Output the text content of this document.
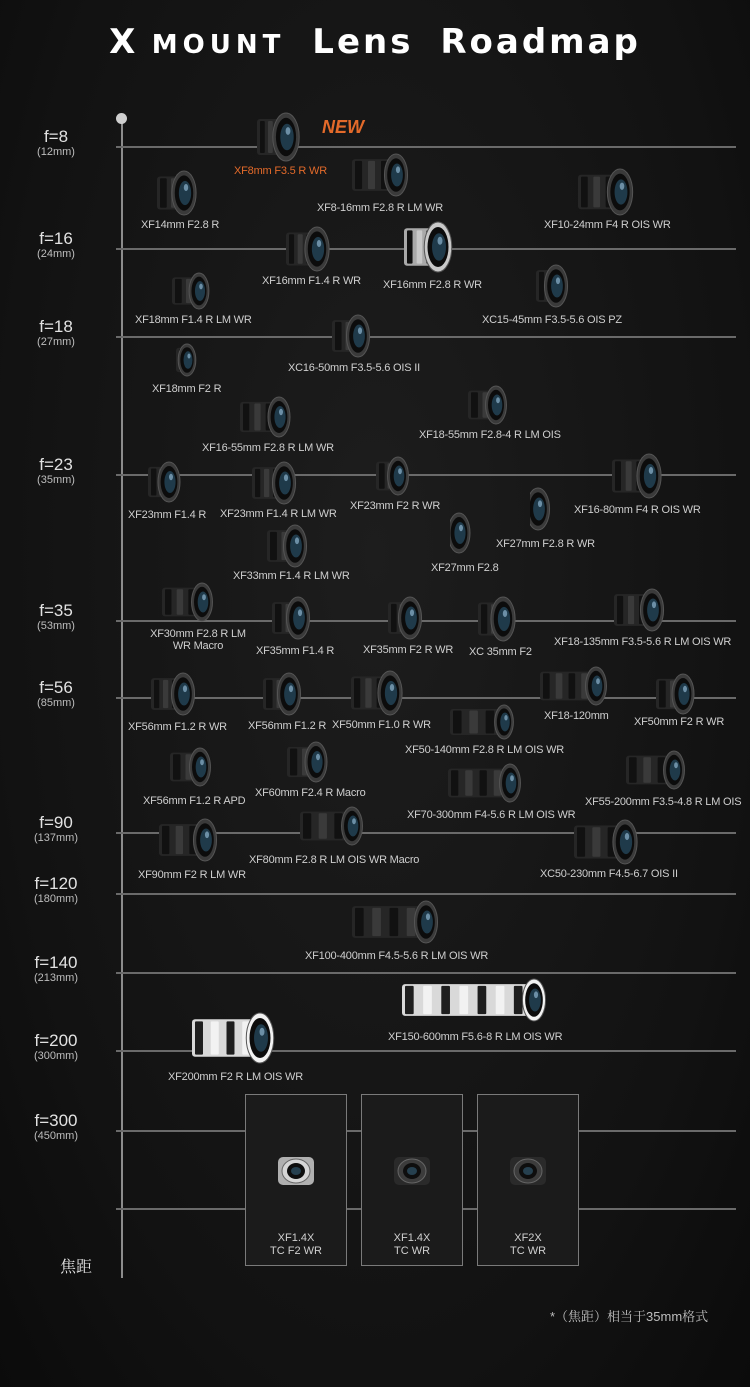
X MOUNT Lens Roadmap
f=8
(12mm)
f=16
(24mm)
f=18
(27mm)
f=23
(35mm)
f=35
(53mm)
f=56
(85mm)
f=90
(137mm)
f=120
(180mm)
f=140
(213mm)
f=200
(300mm)
f=300
(450mm)
XF8mm F3.5 R WR
XF8-16mm F2.8 R LM WR
XF14mm F2.8 R	XF10-24mm F4 R OIS WR
XF16mm F1.4 R WR XF16mm F2.8 R WR
XF18mm F1.4 R LM WR	XC15-45mm F3.5-5.6 OIS PZ
XC16-50mm F3.5-5.6 OIS II
XF18mm F2 R
XF16-55mm F2.8 R LM WR
XF18-55mm F2.8-4 R LM OIS
XF23mm F1.4 R XF23mm F1.4 R LM WR
XF23mm F2 R WR	XF16-80mm F4 R OIS WR
XF27mm F2.8 R WR
XF27mm F2.8
XF33mm F1.4 R LM WR
XF30mm F2.8 R LM WR Macro	XF35mm F1.4 R	XF35mm F2 R WR XC 35mm F2
XF18-135mm F3.5-5.6 R LM OIS WR
XF56mm F1.2 R WR XF56mm F1.2 R XF50mm F1.0 R WR
XF18-120mm XF50mm F2 R WR
XF50-140mm F2.8 R LM OIS WR
XF56mm F1.2 R APD
XF60mm F2.4 R Macro
XF70-300mm F4-5.6 R LM OIS WR
XF55-200mm F3.5-4.8 R LM OIS
XF90mm F2 R LM WR
XF80mm F2.8 R LM OIS WR Macro
XC50-230mm F4.5-6.7 OIS II
XF100-400mm F4.5-5.6 R LM OIS WR
XF150-600mm F5.6-8 R LM OIS WR
XF200mm F2 R LM OIS WR
NEW
XF1.4X
TC F2 WR
XF1.4X
TC WR
XF2X
TC WR
焦距
*（焦距）相当于35mm格式
